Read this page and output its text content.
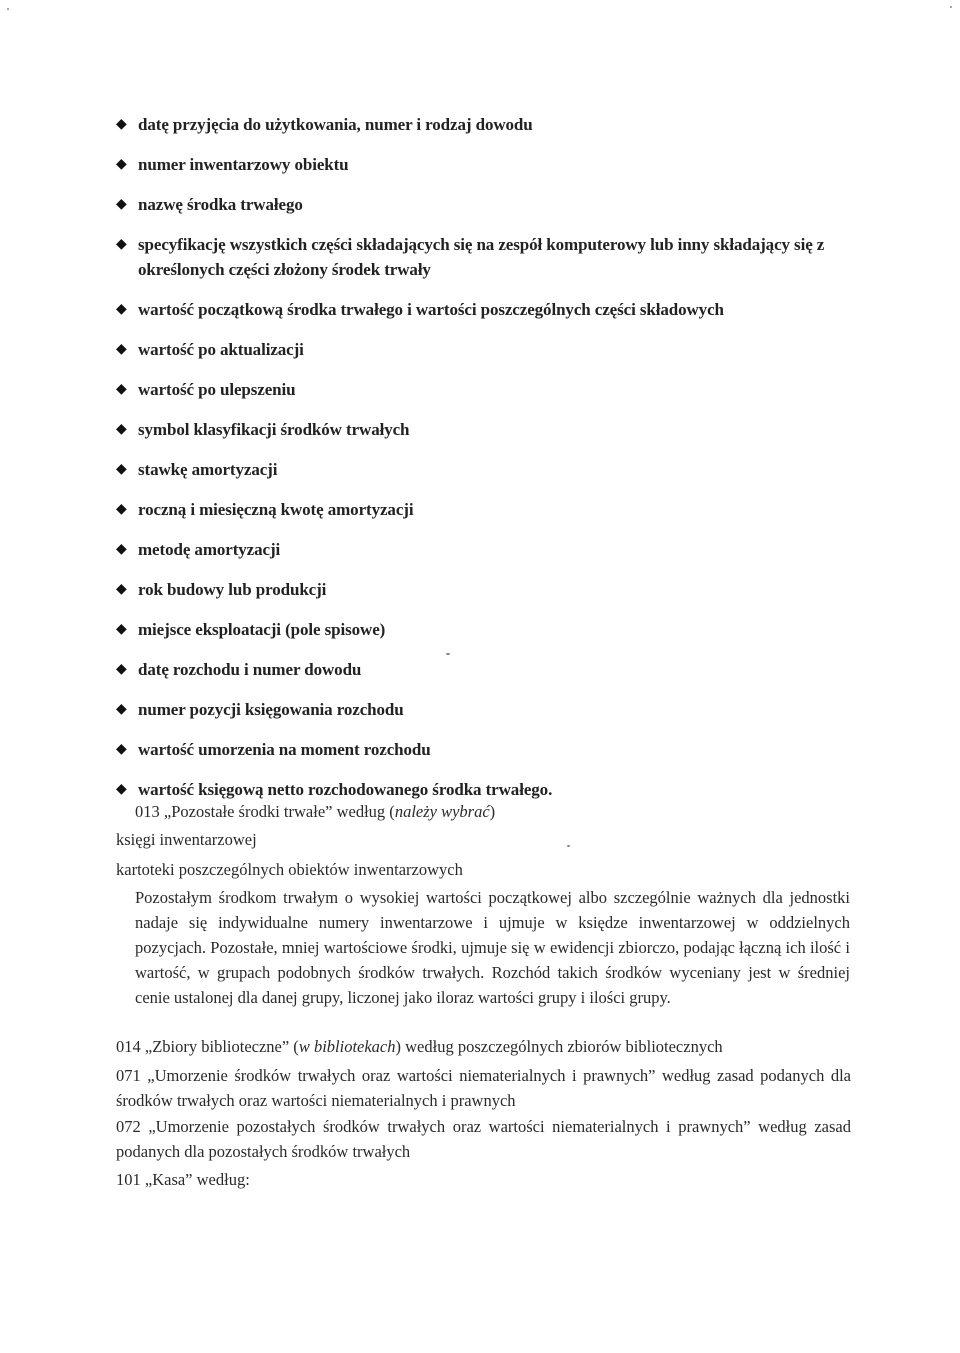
◆ datę przyjęcia do użytkowania, numer i rodzaj dowodu
◆ numer inwentarzowy obiektu
◆ nazwę środka trwałego
◆ specyfikację wszystkich części składających się na zespół komputerowy lub inny składający się z określonych części złożony środek trwały
◆ wartość początkową środka trwałego i wartości poszczególnych części składowych
◆ wartość po aktualizacji
◆ wartość po ulepszeniu
◆ symbol klasyfikacji środków trwałych
◆ stawkę amortyzacji
◆ roczną i miesięczną kwotę amortyzacji
◆ metodę amortyzacji
◆ rok budowy lub produkcji
◆ miejsce eksploatacji (pole spisowe)
◆ datę rozchodu i numer dowodu
◆ numer pozycji księgowania rozchodu
◆ wartość umorzenia na moment rozchodu
◆ wartość księgową netto rozchodowanego środka trwałego.

013 „Pozostałe środki trwałe” według (należy wybrać)

księgi inwentarzowej

kartoteki poszczególnych obiektów inwentarzowych

Pozostałym środkom trwałym o wysokiej wartości początkowej albo szczególnie ważnych dla jednostki nadaje się indywidualne numery inwentarzowe i ujmuje w księdze inwentarzowej w oddzielnych pozycjach. Pozostałe, mniej wartościowe środki, ujmuje się w ewidencji zbiorczo, podając łączną ich ilość i wartość, w grupach podobnych środków trwałych. Rozchód takich środków wyceniany jest w średniej cenie ustalonej dla danej grupy, liczonej jako iloraz wartości grupy i ilości grupy.

014 „Zbiory biblioteczne” (w bibliotekach) według poszczególnych zbiorów bibliotecznych

071 „Umorzenie środków trwałych oraz wartości niematerialnych i prawnych” według zasad podanych dla środków trwałych oraz wartości niematerialnych i prawnych

072 „Umorzenie pozostałych środków trwałych oraz wartości niematerialnych i prawnych” według zasad podanych dla pozostałych środków trwałych

101 „Kasa” według:
